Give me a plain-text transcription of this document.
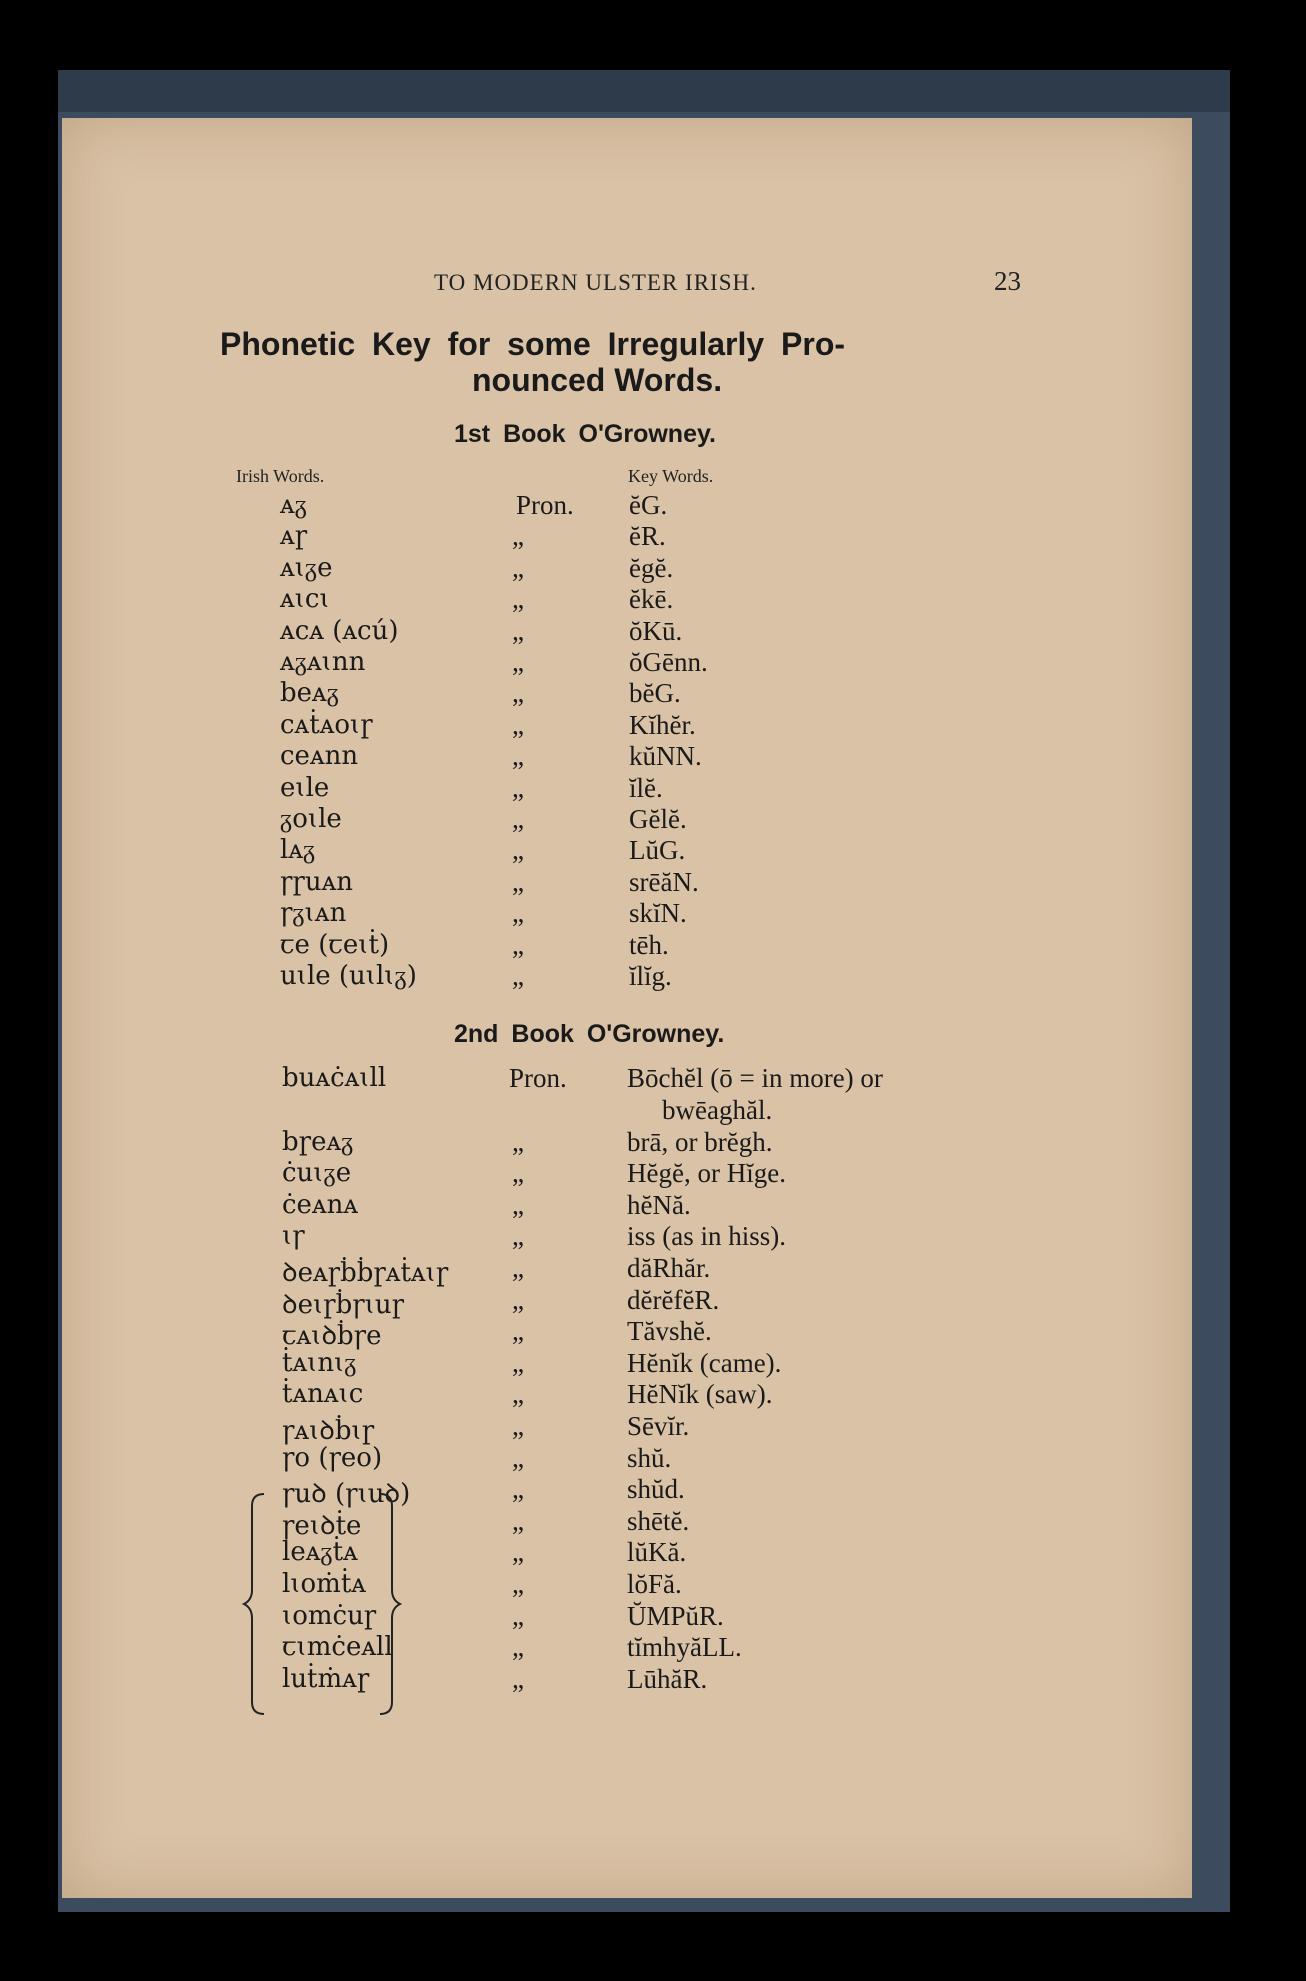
TO MODERN ULSTER IRISH.	23
Phonetic Key for some Irregularly Pro-
nounced Words.
1st Book O'Growney.
Irish Words.	Key Words.
ᴀᵹ	Pron. ĕG.
ᴀɼ	„	ĕR.
ᴀɩᵹe	„	ĕgĕ.
ᴀɩcɩ	„	ĕkē.
ᴀcᴀ (ᴀcú)	„	ŏKū.
ᴀᵹᴀɩnn	„	ŏGēnn.
beᴀᵹ	„	bĕG.
cᴀṫᴀoɩɼ	„	Kĭhĕr.
ceᴀnn	„	kŭNN.
eɩle	„	ĭlĕ.
ᵹoɩle	„	Gĕlĕ.
lᴀᵹ	„	LŭG.
ꞅɼuᴀn	„	srēăN.
ꞅᵹɩᴀn	„	skĭN.
ꞇe (ꞇeɩṫ)	„	tēh.
uɩle (uɩlɩᵹ)	„	ĭlĭg.
2nd Book O'Growney.
buᴀċᴀɩll	Pron. Bōchĕl (ō = in more) or
bwēaghăl.
bɼeᴀᵹ	„	brā, or brĕgh.
ċuɩᵹe	„	Hĕgĕ, or Hĭge.
ċeᴀnᴀ	„	hĕNă.
ɩꞅ	„	iss (as in hiss).
ꝺeᴀɼḃḃɼᴀṫᴀɩɼ „	dăRhăr.
ꝺeɩɼḃꞅɩuɼ	„	dĕrĕfĕR.
ꞇᴀɩꝺḃꞅe	„	Tăvshĕ.
ṫᴀɩnɩᵹ	„	Hĕnĭk (came).
ṫᴀnᴀɩc	„	HĕNĭk (saw).
ꞅᴀɩꝺḃɩɼ	„	Sēvĭr.
ꞅo (ꞅeo)	„	shŭ.
ꞅuꝺ (ꞅɩuꝺ)	„	shŭd.
ꞅeɩꝺṫe	„	shētĕ.
leᴀᵹṫᴀ	„	lŭKă.
lɩoṁṫᴀ	„	lŏFă.
ɩomċuɼ	„	ŬMPŭR.
ꞇɩmċeᴀll	„	tĭmhyăLL.
luṫṁᴀɼ	„	LūhăR.
